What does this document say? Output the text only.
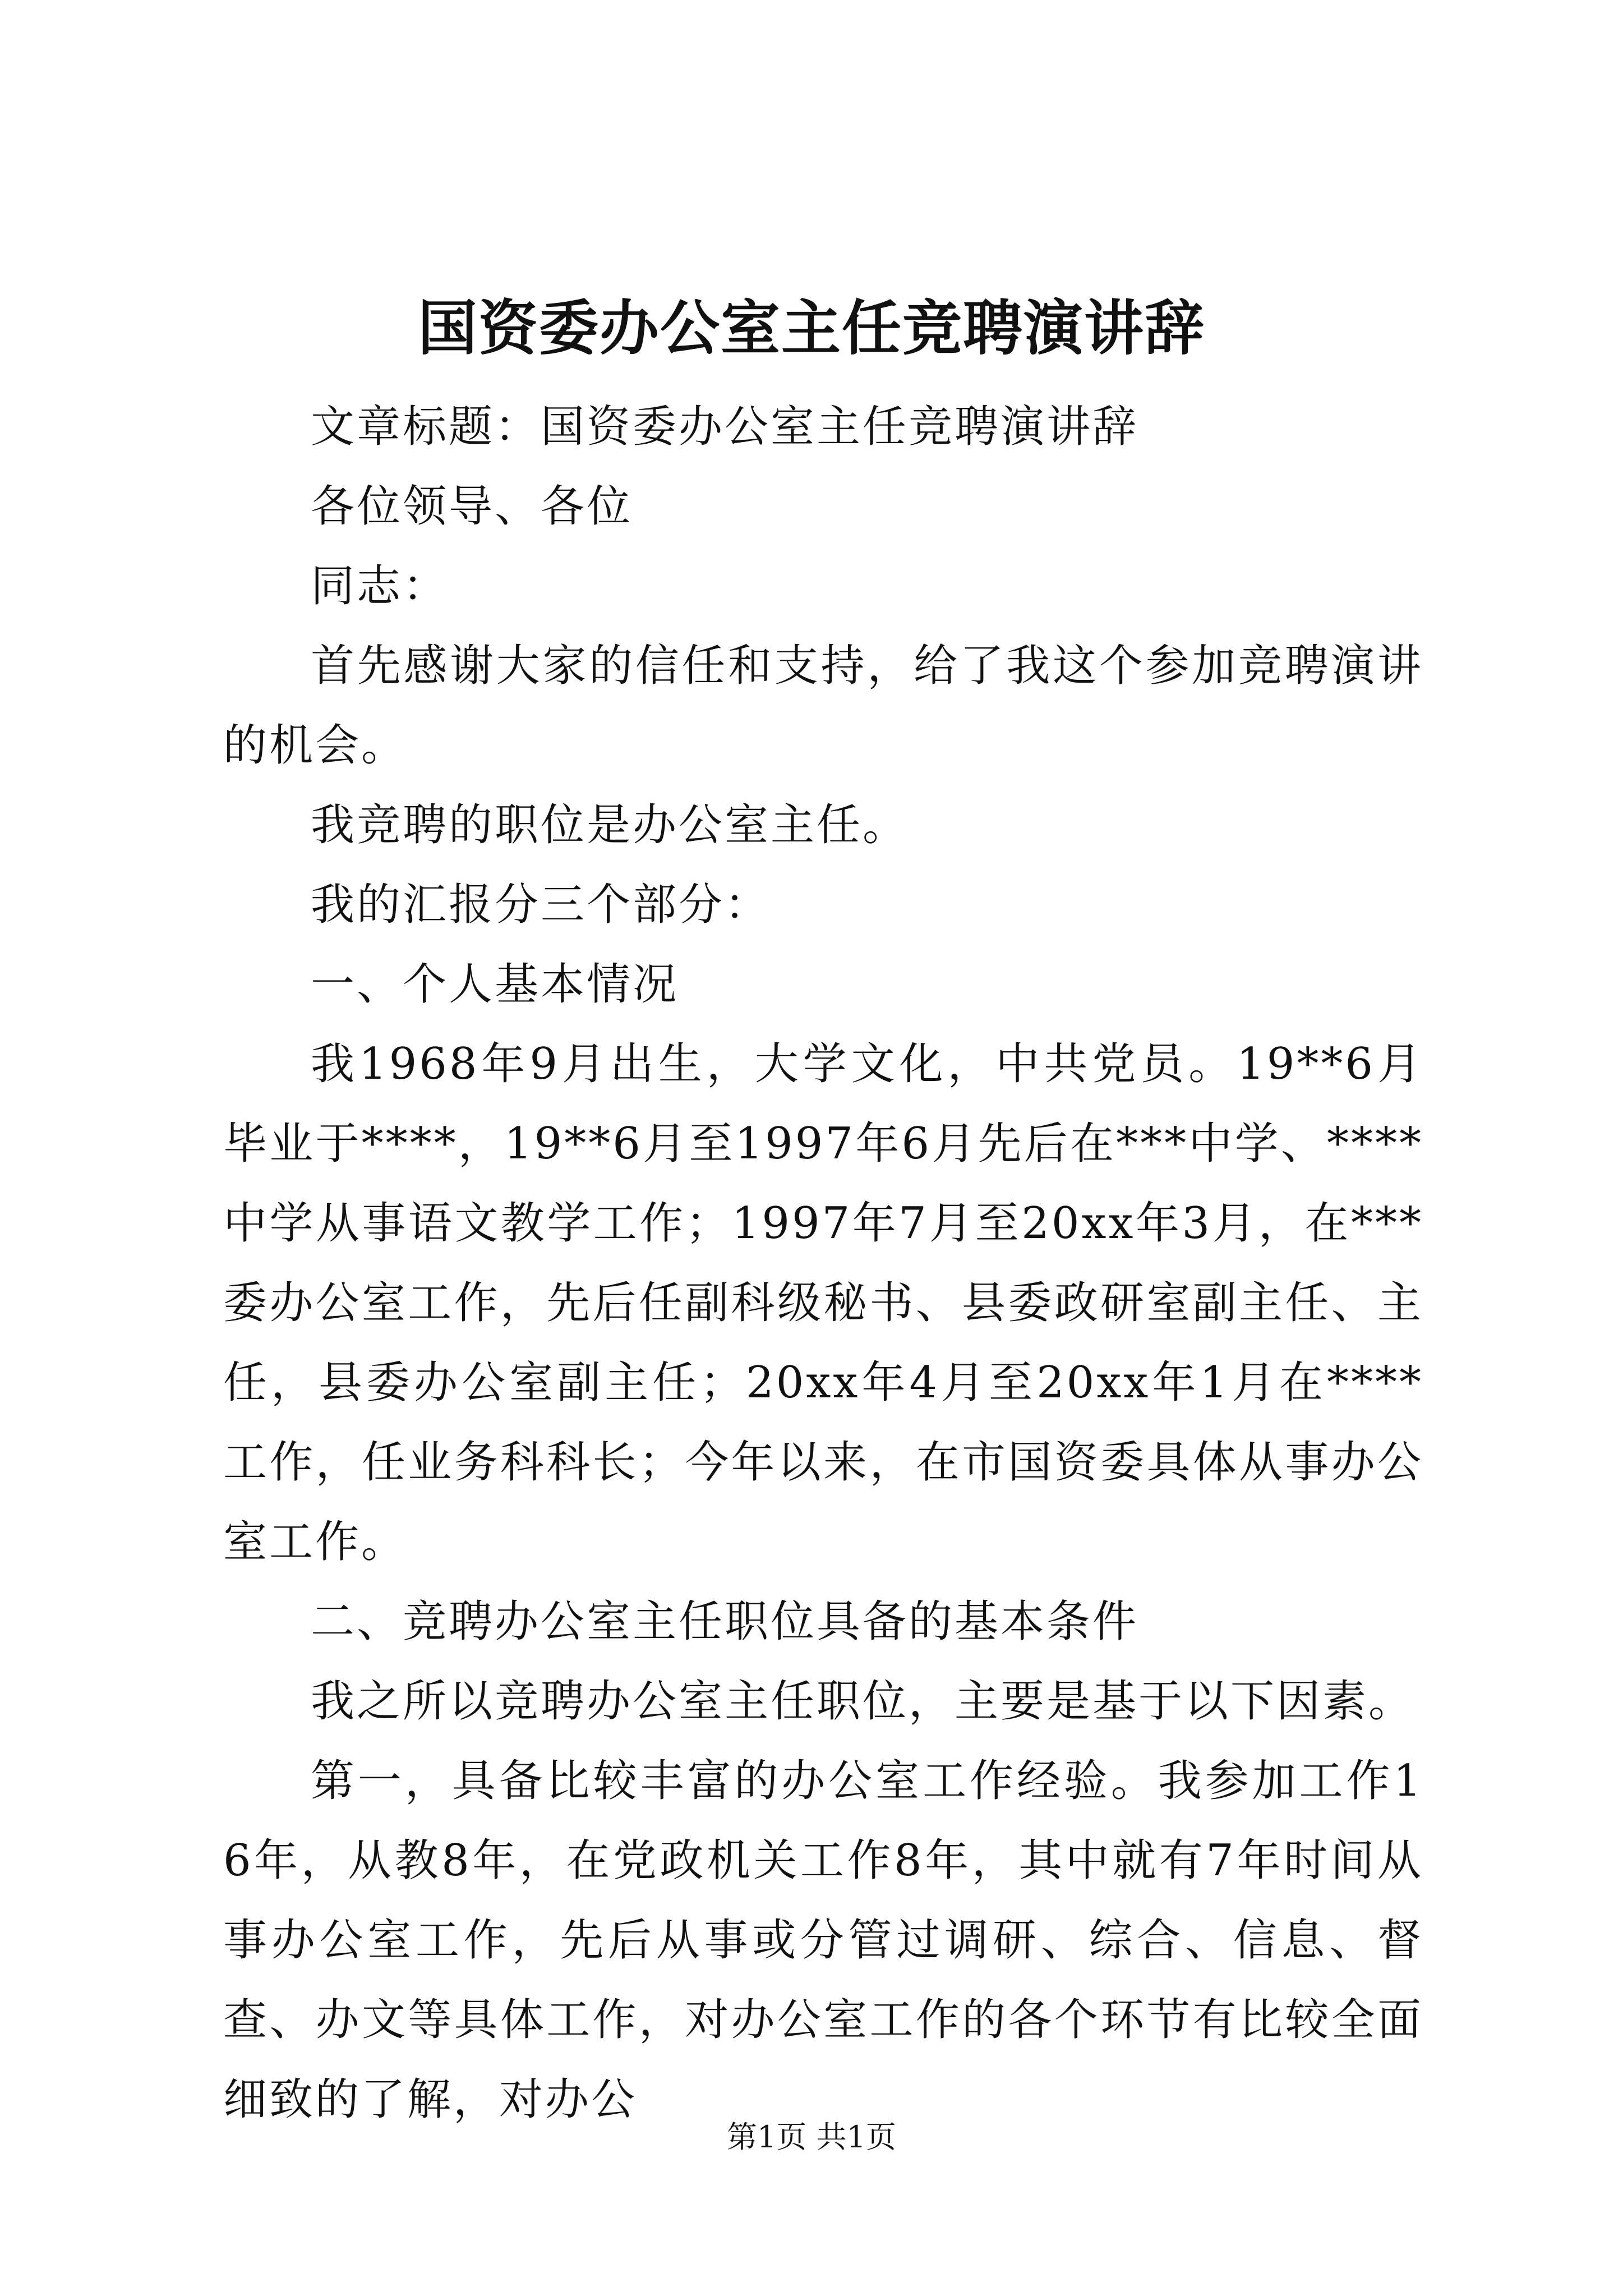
国资委办公室主任竞聘演讲辞

文章标题：国资委办公室主任竞聘演讲辞

各位领导、各位

同志：

首先感谢大家的信任和支持，给了我这个参加竞聘演讲的机会。

我竞聘的职位是办公室主任。

我的汇报分三个部分：

一、个人基本情况

我1968年9月出生，大学文化，中共党员。19**6月毕业于****，19**6月至1997年6月先后在***中学、****中学从事语文教学工作；1997年7月至20xx年3月，在***委办公室工作，先后任副科级秘书、县委政研室副主任、主任，县委办公室副主任；20xx年4月至20xx年1月在****工作，任业务科科长；今年以来，在市国资委具体从事办公室工作。

二、竞聘办公室主任职位具备的基本条件

我之所以竞聘办公室主任职位，主要是基于以下因素。

第一，具备比较丰富的办公室工作经验。我参加工作16年，从教8年，在党政机关工作8年，其中就有7年时间从事办公室工作，先后从事或分管过调研、综合、信息、督查、办文等具体工作，对办公室工作的各个环节有比较全面细致的了解，对办公

第1页 共1页
